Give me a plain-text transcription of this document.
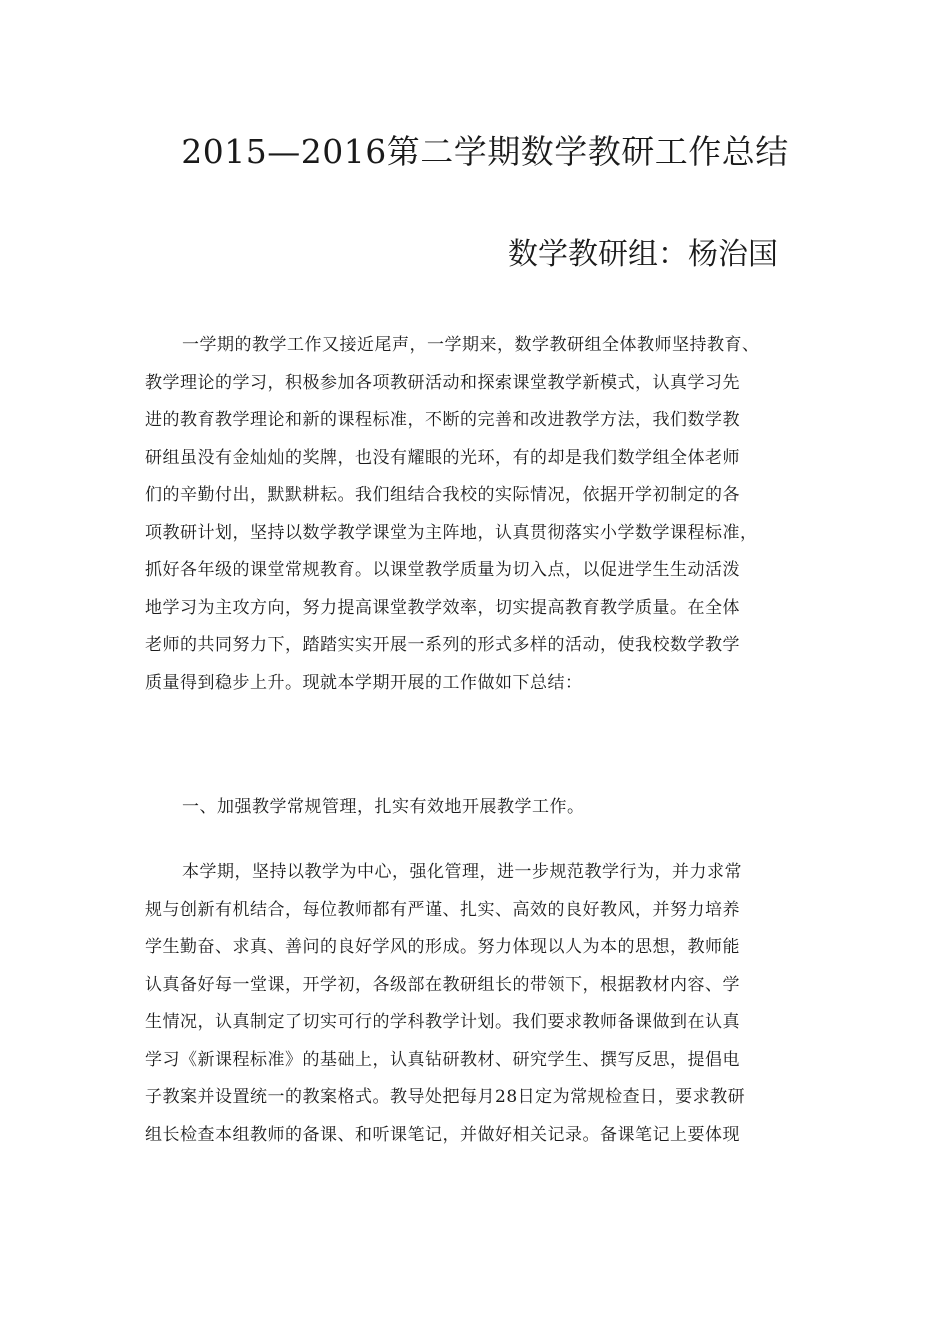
2015—2016第二学期数学教研工作总结
数学教研组：杨治国
一学期的教学工作又接近尾声，一学期来，数学教研组全体教师坚持教育、
教学理论的学习，积极参加各项教研活动和探索课堂教学新模式，认真学习先
进的教育教学理论和新的课程标准，不断的完善和改进教学方法，我们数学教
研组虽没有金灿灿的奖牌，也没有耀眼的光环，有的却是我们数学组全体老师
们的辛勤付出，默默耕耘。我们组结合我校的实际情况，依据开学初制定的各
项教研计划，坚持以数学教学课堂为主阵地，认真贯彻落实小学数学课程标准，
抓好各年级的课堂常规教育。以课堂教学质量为切入点，以促进学生生动活泼
地学习为主攻方向，努力提高课堂教学效率，切实提高教育教学质量。在全体
老师的共同努力下，踏踏实实开展一系列的形式多样的活动，使我校数学教学
质量得到稳步上升。现就本学期开展的工作做如下总结：
一、加强教学常规管理，扎实有效地开展教学工作。
本学期，坚持以教学为中心，强化管理，进一步规范教学行为，并力求常
规与创新有机结合，每位教师都有严谨、扎实、高效的良好教风，并努力培养
学生勤奋、求真、善问的良好学风的形成。努力体现以人为本的思想，教师能
认真备好每一堂课，开学初，各级部在教研组长的带领下，根据教材内容、学
生情况，认真制定了切实可行的学科教学计划。我们要求教师备课做到在认真
学习《新课程标准》的基础上，认真钻研教材、研究学生、撰写反思，提倡电
子教案并设置统一的教案格式。教导处把每月28日定为常规检查日，要求教研
组长检查本组教师的备课、和听课笔记，并做好相关记录。备课笔记上要体现
